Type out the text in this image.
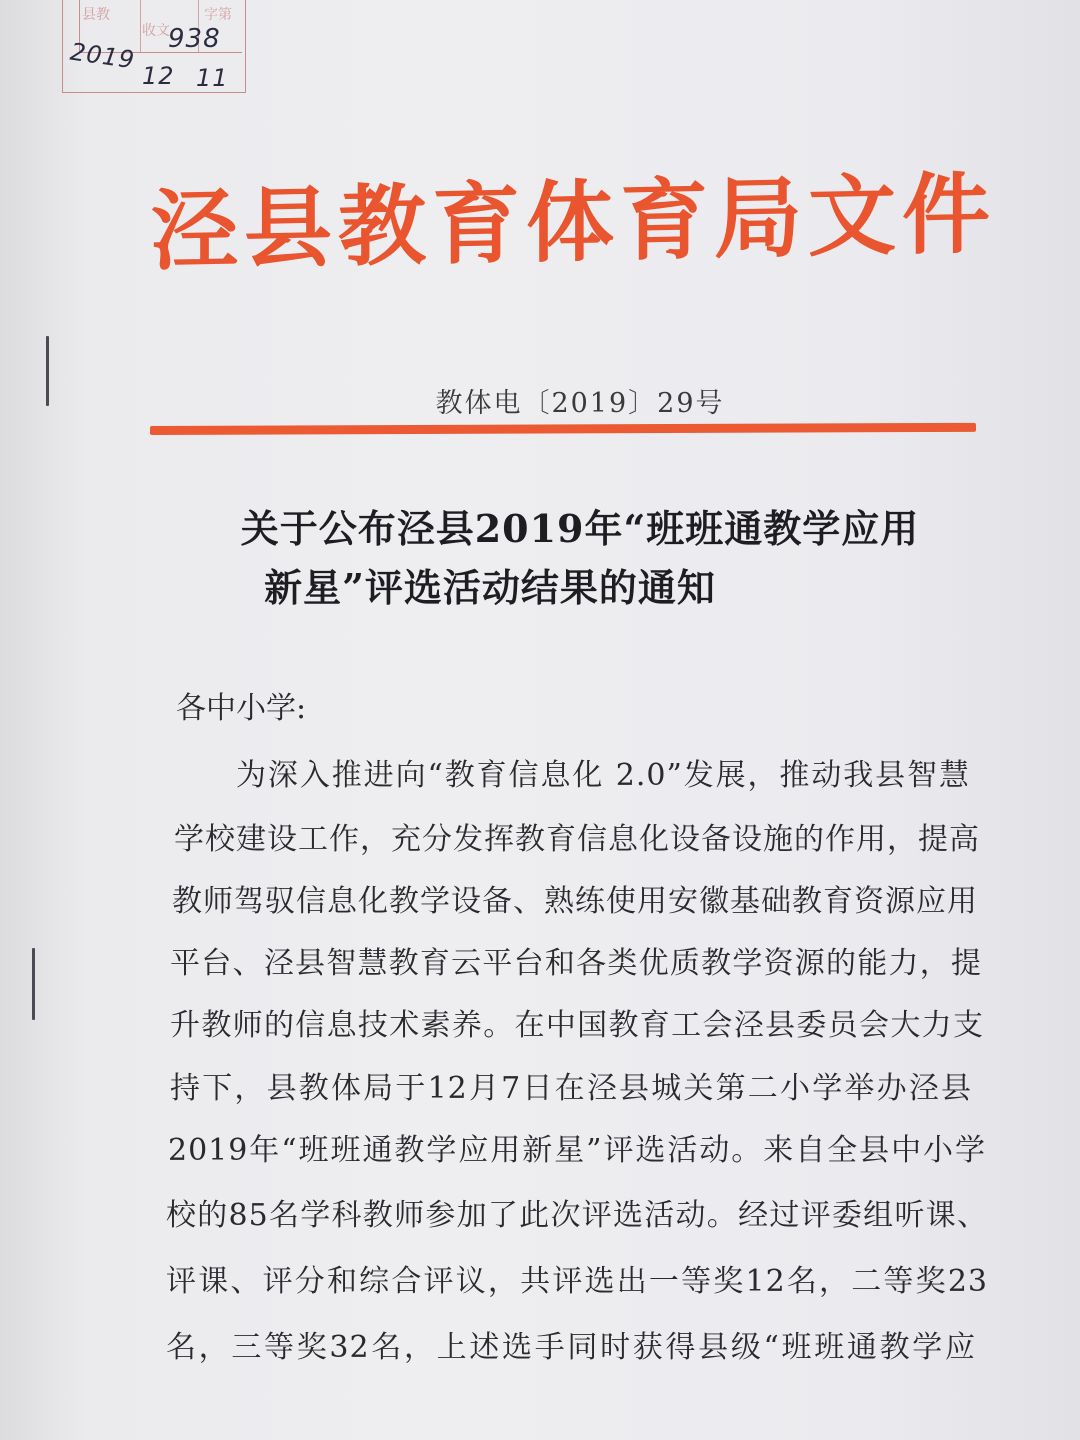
县教
收文
字第
938
2019
12 11
泾县教育体育局文件
教体电〔2019〕29号
关于公布泾县2019年“班班通教学应用
新星”评选活动结果的通知
各中小学:
为深入推进向“教育信息化 2.0”发展，推动我县智慧
学校建设工作，充分发挥教育信息化设备设施的作用，提高
教师驾驭信息化教学设备、熟练使用安徽基础教育资源应用
平台、泾县智慧教育云平台和各类优质教学资源的能力，提
升教师的信息技术素养。在中国教育工会泾县委员会大力支
持下，县教体局于12月7日在泾县城关第二小学举办泾县
2019年“班班通教学应用新星”评选活动。来自全县中小学
校的85名学科教师参加了此次评选活动。经过评委组听课、
评课、评分和综合评议，共评选出一等奖12名，二等奖23
名，三等奖32名，上述选手同时获得县级“班班通教学应
